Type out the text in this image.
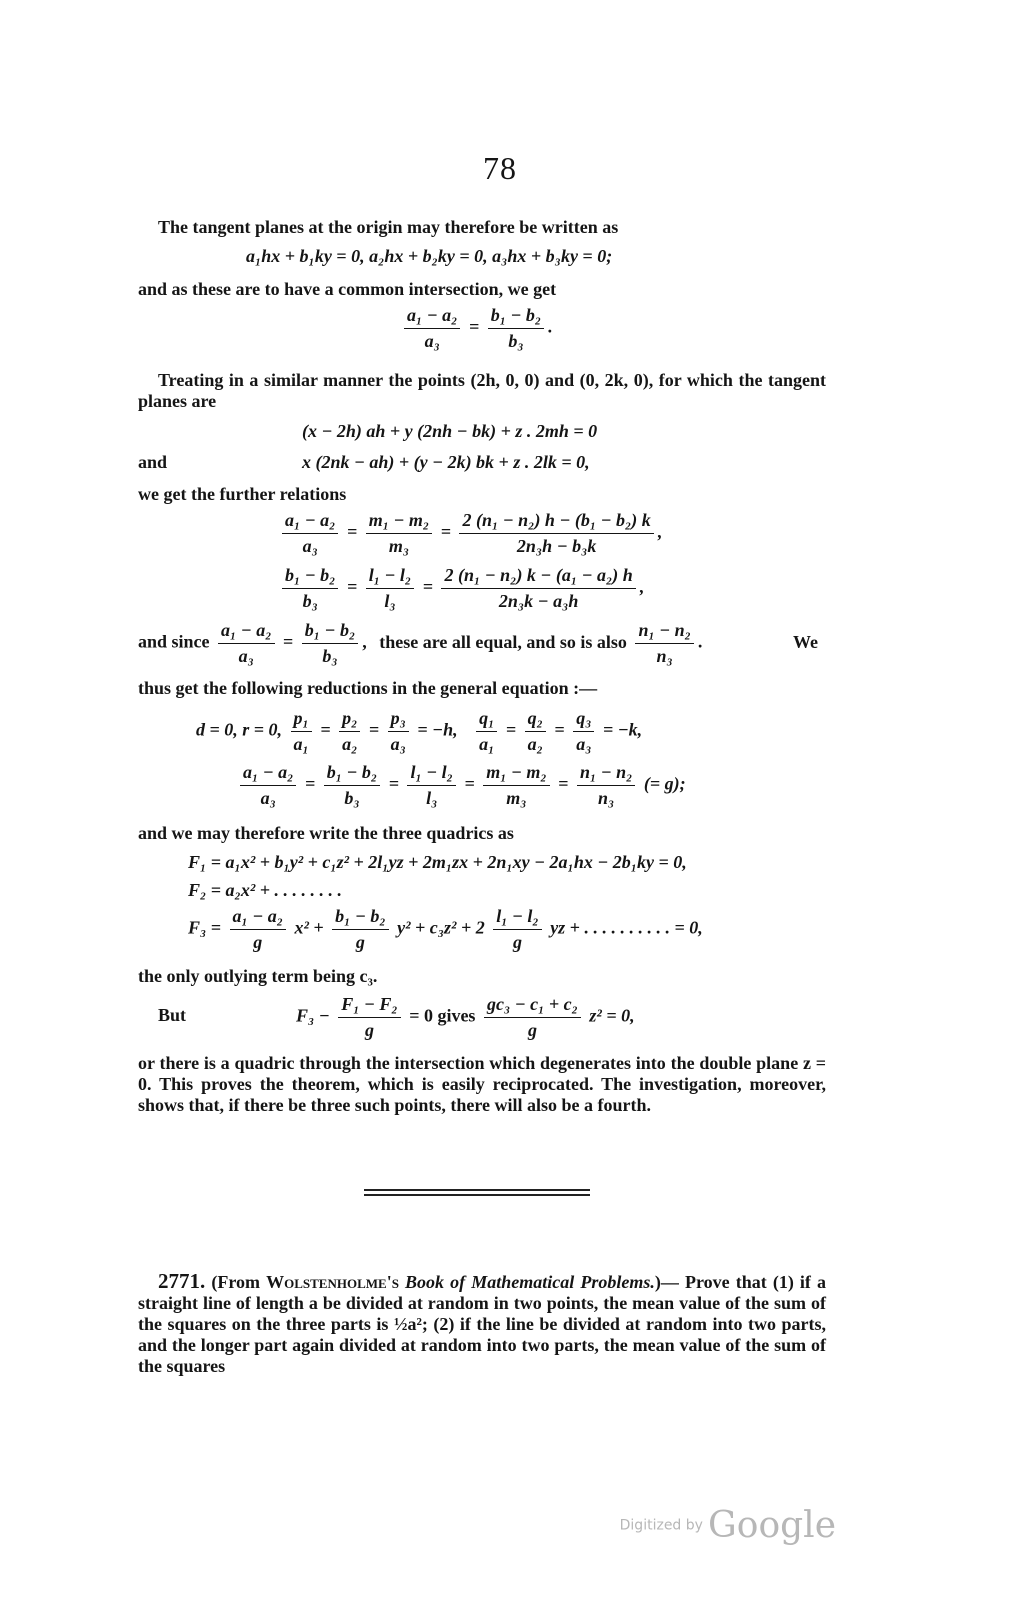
78
The tangent planes at the origin may therefore be written as
a₁hx + b₁ky = 0, a₂hx + b₂ky = 0, a₃hx + b₃ky = 0;
and as these are to have a common intersection, we get
$\frac{\text{a₁ − a₂}}{\text{a₃}} = \frac{\text{b₁ − b₂}}{\text{b₃}}$ .
Treating in a similar manner the points (2h, 0, 0) and (0, 2k, 0), for which the tangent planes are
(x − 2h) ah + y (2nh − bk) + z . 2mh = 0
and	x (2nk − ah) + (y − 2k) bk + z . 2lk = 0,
we get the further relations
$\frac{\text{a₁ − a₂}}{\text{a₃}} = \frac{\text{m₁ − m₂}}{\text{m₃}} = \frac{\text{2 (n₁ − n₂) h − (b₁ − b₂) k}}{\text{2n₃h − b₃k}}$ ,
$\frac{\text{b₁ − b₂}}{\text{b₃}} = \frac{\text{l₁ − l₂}}{\text{l₃}} = \frac{\text{2 (n₁ − n₂) k − (a₁ − a₂) h}}{\text{2n₃k − a₃h}}$ ,
and since $\frac{\text{a₁ − a₂}}{\text{a₃}} = \frac{\text{b₁ − b₂}}{\text{b₃}}$ , these are all equal, and so is also $\frac{\text{n₁ − n₂}}{\text{n₃}}$ .	We
thus get the following reductions in the general equation :—
d = 0, r = 0, $\frac{\text{p₁}}{\text{a₁}} = \frac{\text{p₂}}{\text{a₂}} = \frac{\text{p₃}}{\text{a₃}} = -h$, $\frac{\text{q₁}}{\text{a₁}} = \frac{\text{q₂}}{\text{a₂}} = \frac{\text{q₃}}{\text{a₃}} = -k$,
$\frac{\text{a₁ − a₂}}{\text{a₃}} = \frac{\text{b₁ − b₂}}{\text{b₃}} = \frac{\text{l₁ − l₂}}{\text{l₃}} = \frac{\text{m₁ − m₂}}{\text{m₃}} = \frac{\text{n₁ − n₂}}{\text{n₃}}$ (= g);
and we may therefore write the three quadrics as
F₁ = a₁x² + b₁y² + c₁z² + 2l₁yz + 2m₁zx + 2n₁xy − 2a₁hx − 2b₁ky = 0,
F₂ = a₂x² + . . . . . . . .
$F_3 = \frac{\text{a₁ − a₂}}{g} x^2 + \frac{\text{b₁ − b₂}}{g} y^2 + c_3z^2 + 2 \frac{\text{l₁ − l₂}}{g}$ yz + . . . . . . . . . . = 0,
the only outlying term being c₃.
But	$F_3 - \frac{\text{F₁ − F₂}}{g} = 0$ gives $\frac{\text{gc₃ − c₁ + c₂}}{g} z^2 = 0$,
or there is a quadric through the intersection which degenerates into the double plane z = 0. This proves the theorem, which is easily reciprocated. The investigation, moreover, shows that, if there be three such points, there will also be a fourth.
2771. (From Wolstenholme's Book of Mathematical Problems.)— Prove that (1) if a straight line of length a be divided at random in two points, the mean value of the sum of the squares on the three parts is ½a²; (2) if the line be divided at random into two parts, and the longer part again divided at random into two parts, the mean value of the sum of the squares
Digitized by Google
